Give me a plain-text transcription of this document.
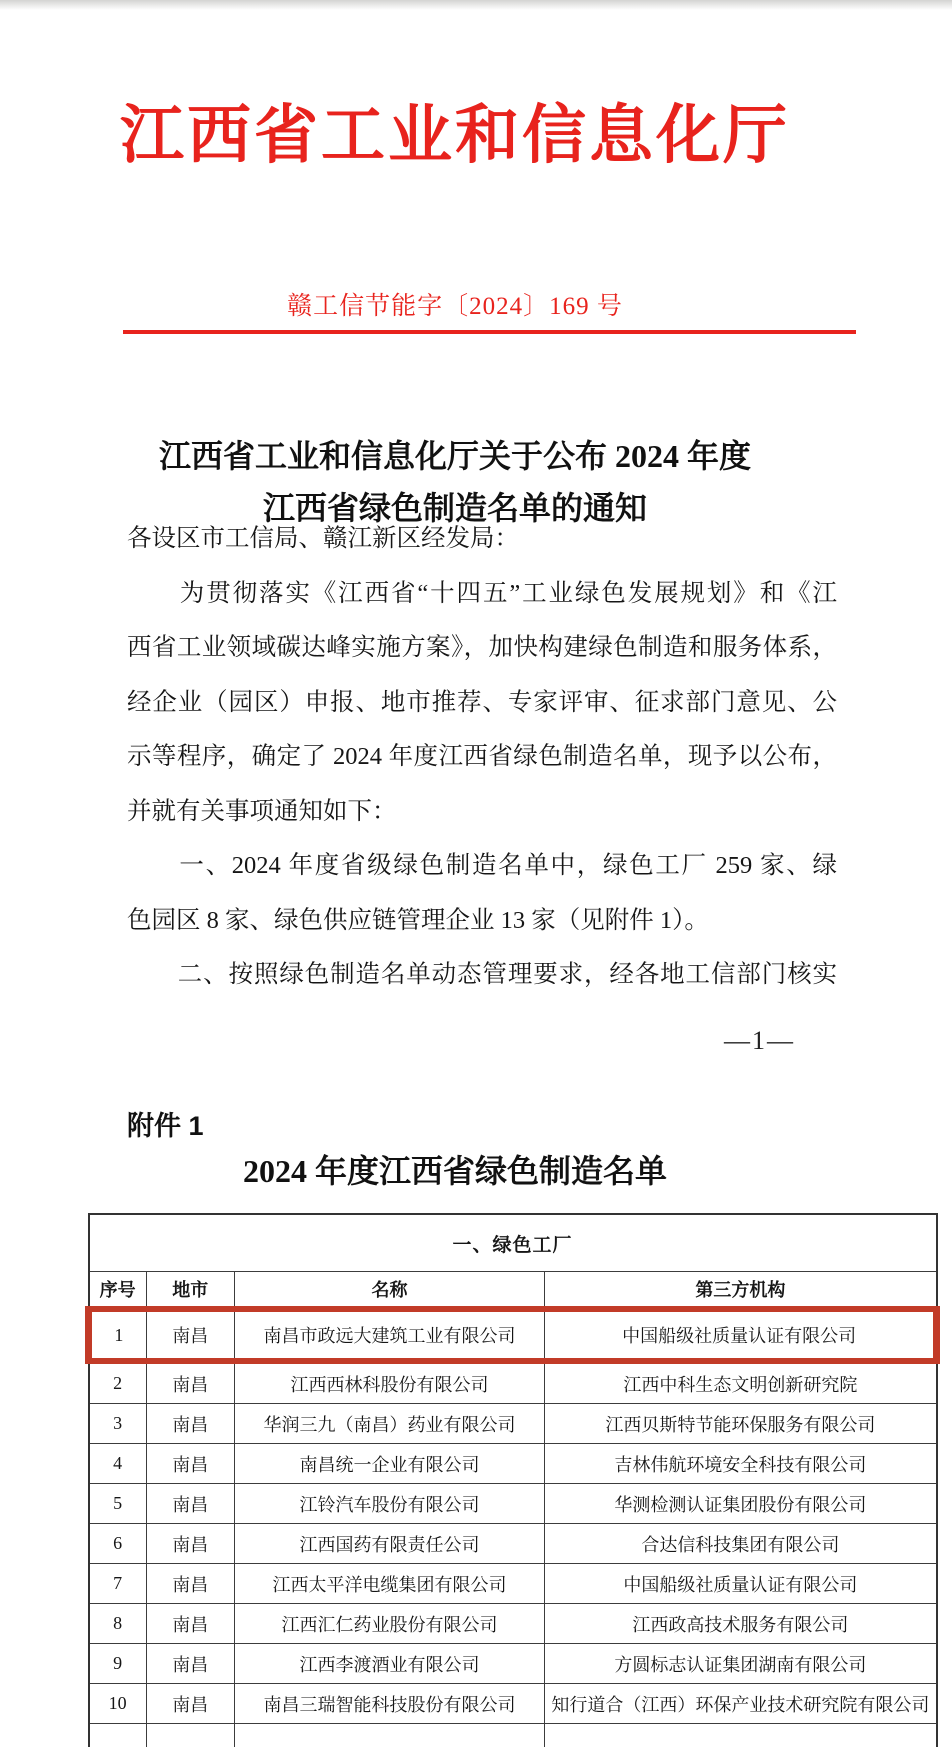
江西省工业和信息化厅
赣工信节能字〔2024〕169 号
江西省工业和信息化厅关于公布 2024 年度
江西省绿色制造名单的通知
各设区市工信局、赣江新区经发局：
　　为贯彻落实《江西省“十四五”工业绿色发展规划》和《江
西省工业领域碳达峰实施方案》，加快构建绿色制造和服务体系，
经企业（园区）申报、地市推荐、专家评审、征求部门意见、公
示等程序，确定了 2024 年度江西省绿色制造名单，现予以公布，
并就有关事项通知如下：
　　一、2024 年度省级绿色制造名单中，绿色工厂 259 家、绿
色园区 8 家、绿色供应链管理企业 13 家（见附件 1）。
　　二、按照绿色制造名单动态管理要求，经各地工信部门核实
—1—
附件 1
2024 年度江西省绿色制造名单
一、绿色工厂			
序号	地市	名称	第三方机构
1	南昌	南昌市政远大建筑工业有限公司	中国船级社质量认证有限公司
2	南昌	江西西林科股份有限公司	江西中科生态文明创新研究院
3	南昌	华润三九（南昌）药业有限公司	江西贝斯特节能环保服务有限公司
4	南昌	南昌统一企业有限公司	吉林伟航环境安全科技有限公司
5	南昌	江铃汽车股份有限公司	华测检测认证集团股份有限公司
6	南昌	江西国药有限责任公司	合达信科技集团有限公司
7	南昌	江西太平洋电缆集团有限公司	中国船级社质量认证有限公司
8	南昌	江西汇仁药业股份有限公司	江西政高技术服务有限公司
9	南昌	江西李渡酒业有限公司	方圆标志认证集团湖南有限公司
10	南昌	南昌三瑞智能科技股份有限公司	知行道合（江西）环保产业技术研究院有限公司
